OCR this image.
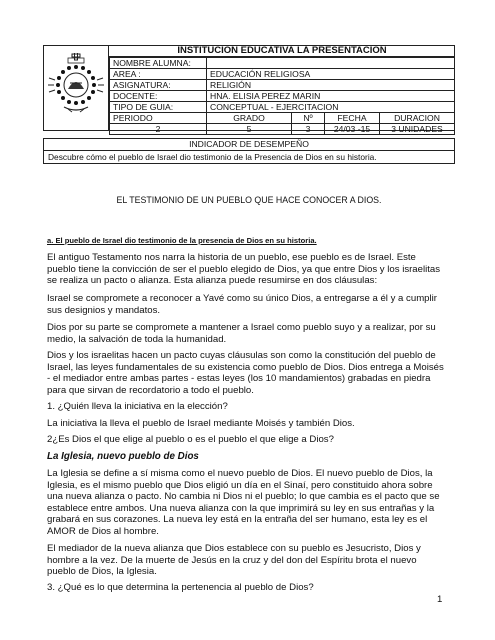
INSTITUCION EDUCATIVA LA PRESENTACION
NOMBRE ALUMNA:				
AREA :	EDUCACIÓN RELIGIOSA			
ASIGNATURA:	RELIGIÓN			
DOCENTE:	HNA. ELISIA PEREZ MARIN			
TIPO DE GUIA:	CONCEPTUAL - EJERCITACION			
PERIODO	GRADO	Nº	FECHA	DURACION
2	5	3	24/03 -15	3 UNIDADES
INDICADOR DE DESEMPEÑO
Descubre cómo el pueblo de Israel dio testimonio de la Presencia de Dios en su historia.
EL TESTIMONIO DE UN PUEBLO QUE HACE CONOCER A DIOS.
a. El pueblo de Israel dio testimonio de la presencia de Dios en su historia.
El antiguo Testamento nos narra la historia de un pueblo, ese pueblo es de Israel. Este
pueblo tiene la convicción de ser el pueblo elegido de Dios, ya que entre Dios y los israelitas
se realiza un pacto o alianza. Esta alianza puede resumirse en dos cláusulas:
Israel se compromete a reconocer a Yavé como su único Dios, a entregarse a él y a cumplir
sus designios y mandatos.
Dios por su parte se compromete a mantener a Israel como pueblo suyo y a realizar, por su
medio, la salvación de toda la humanidad.
Dios y los israelitas hacen un pacto cuyas cláusulas son como la constitución del pueblo de
Israel, las leyes fundamentales de su existencia como pueblo de Dios. Dios entrega a Moisés
- el mediador entre ambas partes - estas leyes (los 10 mandamientos) grabadas en piedra
para que sirvan de recordatorio a todo el pueblo.
1. ¿Quién lleva la iniciativa en la elección?
La iniciativa la lleva el pueblo de Israel mediante Moisés y también Dios.
2¿Es Dios el que elige al pueblo o es el pueblo el que elige a Dios?
La Iglesia, nuevo pueblo de Dios
La Iglesia se define a sí misma como el nuevo pueblo de Dios. El nuevo pueblo de Dios, la
Iglesia, es el mismo pueblo que Dios eligió un día en el Sinaí, pero constituido ahora sobre
una nueva alianza o pacto. No cambia ni Dios ni el pueblo; lo que cambia es el pacto que se
establece entre ambos. Una nueva alianza con la que imprimirá su ley en sus entrañas y la
grabará en sus corazones. La nueva ley está en la entraña del ser humano, esta ley es el
AMOR de Dios al hombre.
El mediador de la nueva alianza que Dios establece con su pueblo es Jesucristo, Dios y
hombre a la vez. De la muerte de Jesús en la cruz y del don del Espíritu brota el nuevo
pueblo de Dios, la Iglesia.
3. ¿Qué es lo que determina la pertenencia al pueblo de Dios?
1
